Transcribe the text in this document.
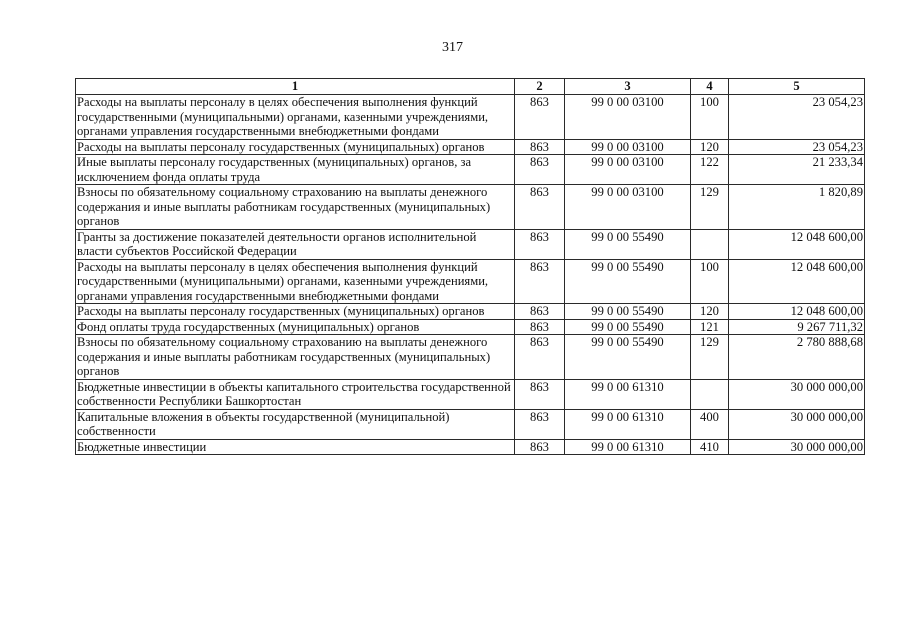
317
1	2	3	4	5
Расходы на выплаты персоналу в целях обеспечения выполнения функций государственными (муниципальными) органами, казенными учреждениями, органами управления государственными внебюджетными фондами	863	99 0 00 03100	100	23 054,23
Расходы на выплаты персоналу государственных (муниципальных) органов	863	99 0 00 03100	120	23 054,23
Иные выплаты персоналу государственных (муниципальных) органов, за исключением фонда оплаты труда	863	99 0 00 03100	122	21 233,34
Взносы по обязательному социальному страхованию на выплаты денежного содержания и иные выплаты работникам государственных (муниципальных) органов	863	99 0 00 03100	129	1 820,89
Гранты за достижение показателей деятельности органов исполнительной власти субъектов Российской Федерации	863	99 0 00 55490		12 048 600,00
Расходы на выплаты персоналу в целях обеспечения выполнения функций государственными (муниципальными) органами, казенными учреждениями, органами управления государственными внебюджетными фондами	863	99 0 00 55490	100	12 048 600,00
Расходы на выплаты персоналу государственных (муниципальных) органов	863	99 0 00 55490	120	12 048 600,00
Фонд оплаты труда государственных (муниципальных) органов	863	99 0 00 55490	121	9 267 711,32
Взносы по обязательному социальному страхованию на выплаты денежного содержания и иные выплаты работникам государственных (муниципальных) органов	863	99 0 00 55490	129	2 780 888,68
Бюджетные инвестиции в объекты капитального строительства государственной собственности Республики Башкортостан	863	99 0 00 61310		30 000 000,00
Капитальные вложения в объекты государственной (муниципальной) собственности	863	99 0 00 61310	400	30 000 000,00
Бюджетные инвестиции	863	99 0 00 61310	410	30 000 000,00
